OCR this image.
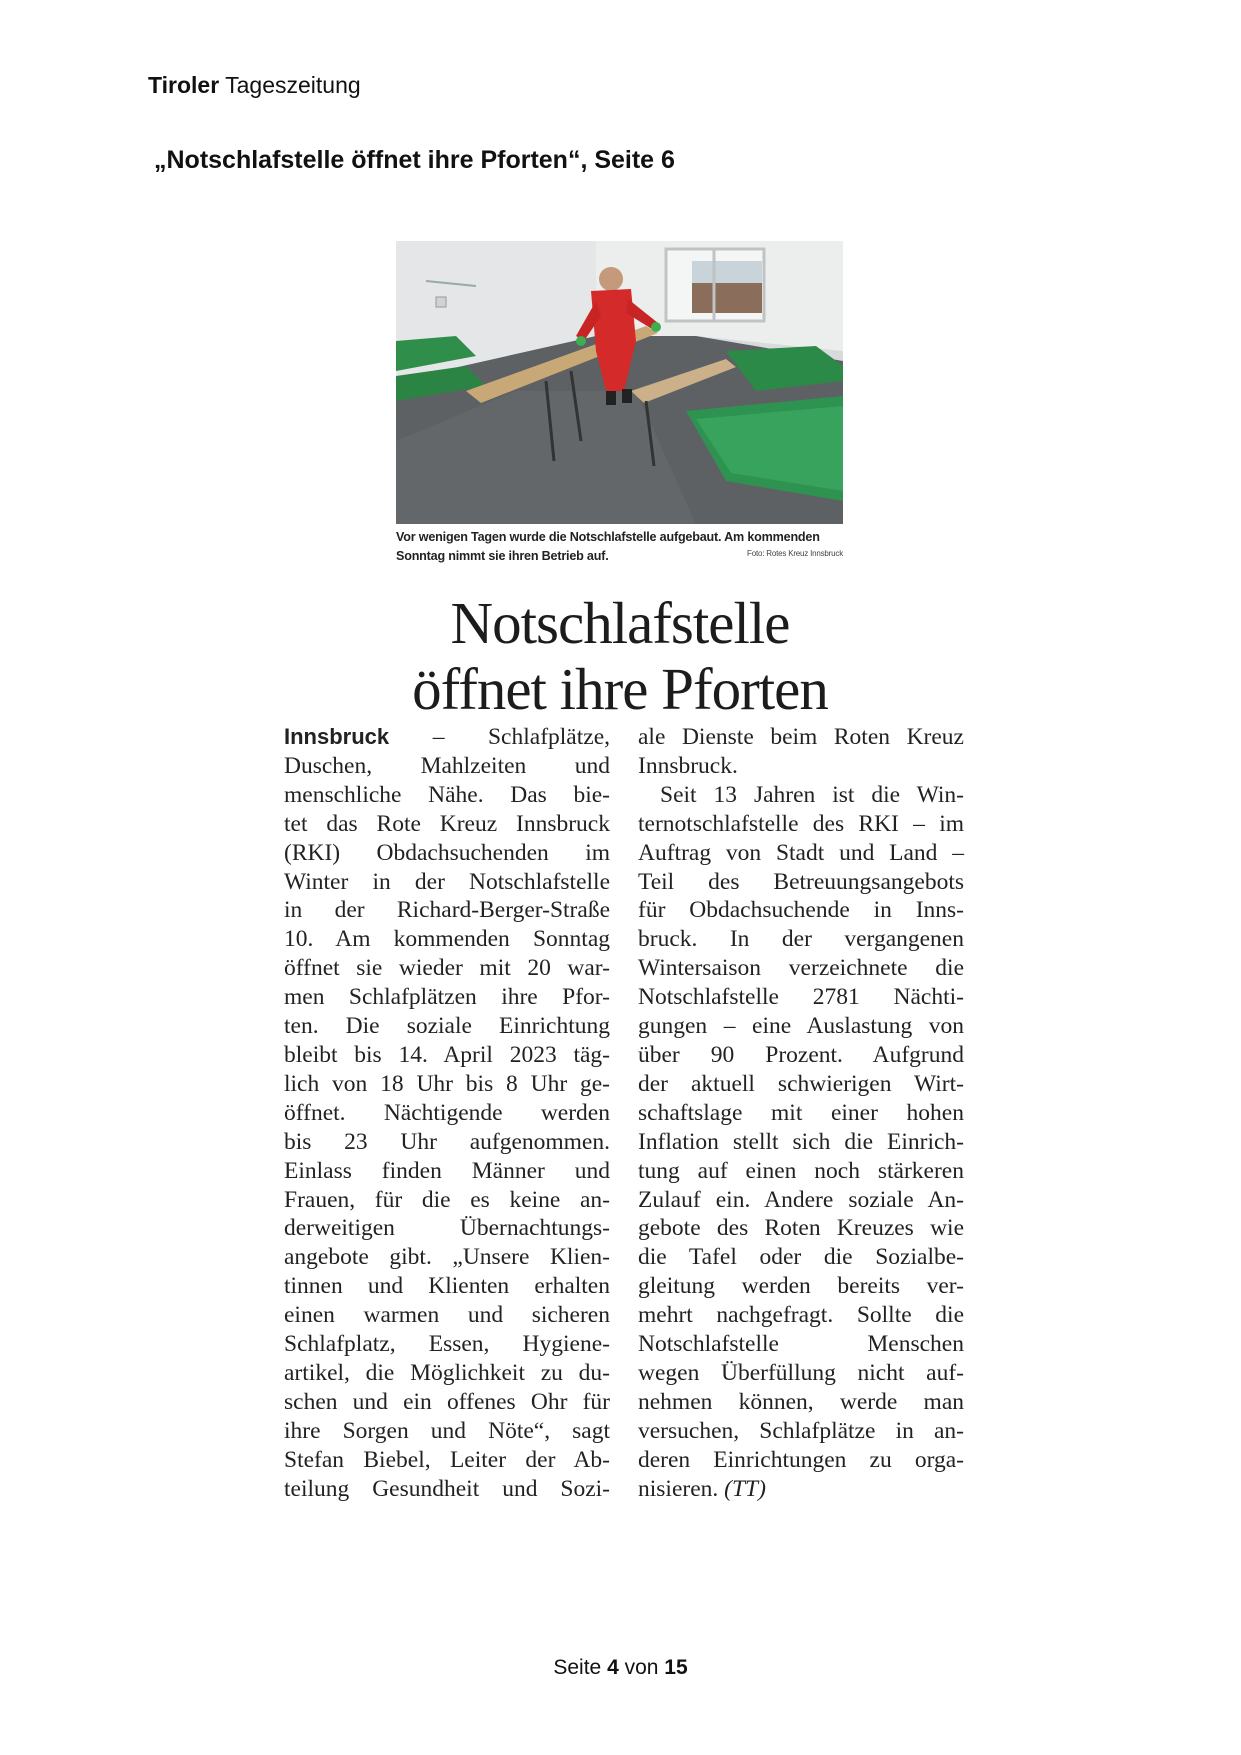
Tiroler Tageszeitung
„Notschlafstelle öffnet ihre Pforten“, Seite 6
Vor wenigen Tagen wurde die Notschlafstelle aufgebaut. Am kommenden
Sonntag nimmt sie ihren Betrieb auf.	Foto: Rotes Kreuz Innsbruck
Notschlafstelle
öffnet ihre Pforten
Innsbruck – Schlafplätze,
Duschen, Mahlzeiten und
menschliche Nähe. Das bie-
tet das Rote Kreuz Innsbruck
(RKI) Obdachsuchenden im
Winter in der Notschlafstelle
in der Richard-Berger-Straße
10. Am kommenden Sonntag
öffnet sie wieder mit 20 war-
men Schlafplätzen ihre Pfor-
ten. Die soziale Einrichtung
bleibt bis 14. April 2023 täg-
lich von 18 Uhr bis 8 Uhr ge-
öffnet. Nächtigende werden
bis 23 Uhr aufgenommen.
Einlass finden Männer und
Frauen, für die es keine an-
derweitigen Übernachtungs-
angebote gibt. „Unsere Klien-
tinnen und Klienten erhalten
einen warmen und sicheren
Schlafplatz, Essen, Hygiene-
artikel, die Möglichkeit zu du-
schen und ein offenes Ohr für
ihre Sorgen und Nöte“, sagt
Stefan Biebel, Leiter der Ab-
teilung Gesundheit und Sozi-
ale Dienste beim Roten Kreuz
Innsbruck.
Seit 13 Jahren ist die Win-
ternotschlafstelle des RKI – im
Auftrag von Stadt und Land –
Teil des Betreuungsangebots
für Obdachsuchende in Inns-
bruck. In der vergangenen
Wintersaison verzeichnete die
Notschlafstelle 2781 Nächti-
gungen – eine Auslastung von
über 90 Prozent. Aufgrund
der aktuell schwierigen Wirt-
schaftslage mit einer hohen
Inflation stellt sich die Einrich-
tung auf einen noch stärkeren
Zulauf ein. Andere soziale An-
gebote des Roten Kreuzes wie
die Tafel oder die Sozialbe-
gleitung werden bereits ver-
mehrt nachgefragt. Sollte die
Notschlafstelle Menschen
wegen Überfüllung nicht auf-
nehmen können, werde man
versuchen, Schlafplätze in an-
deren Einrichtungen zu orga-
nisieren. (TT)
Seite 4 von 15
